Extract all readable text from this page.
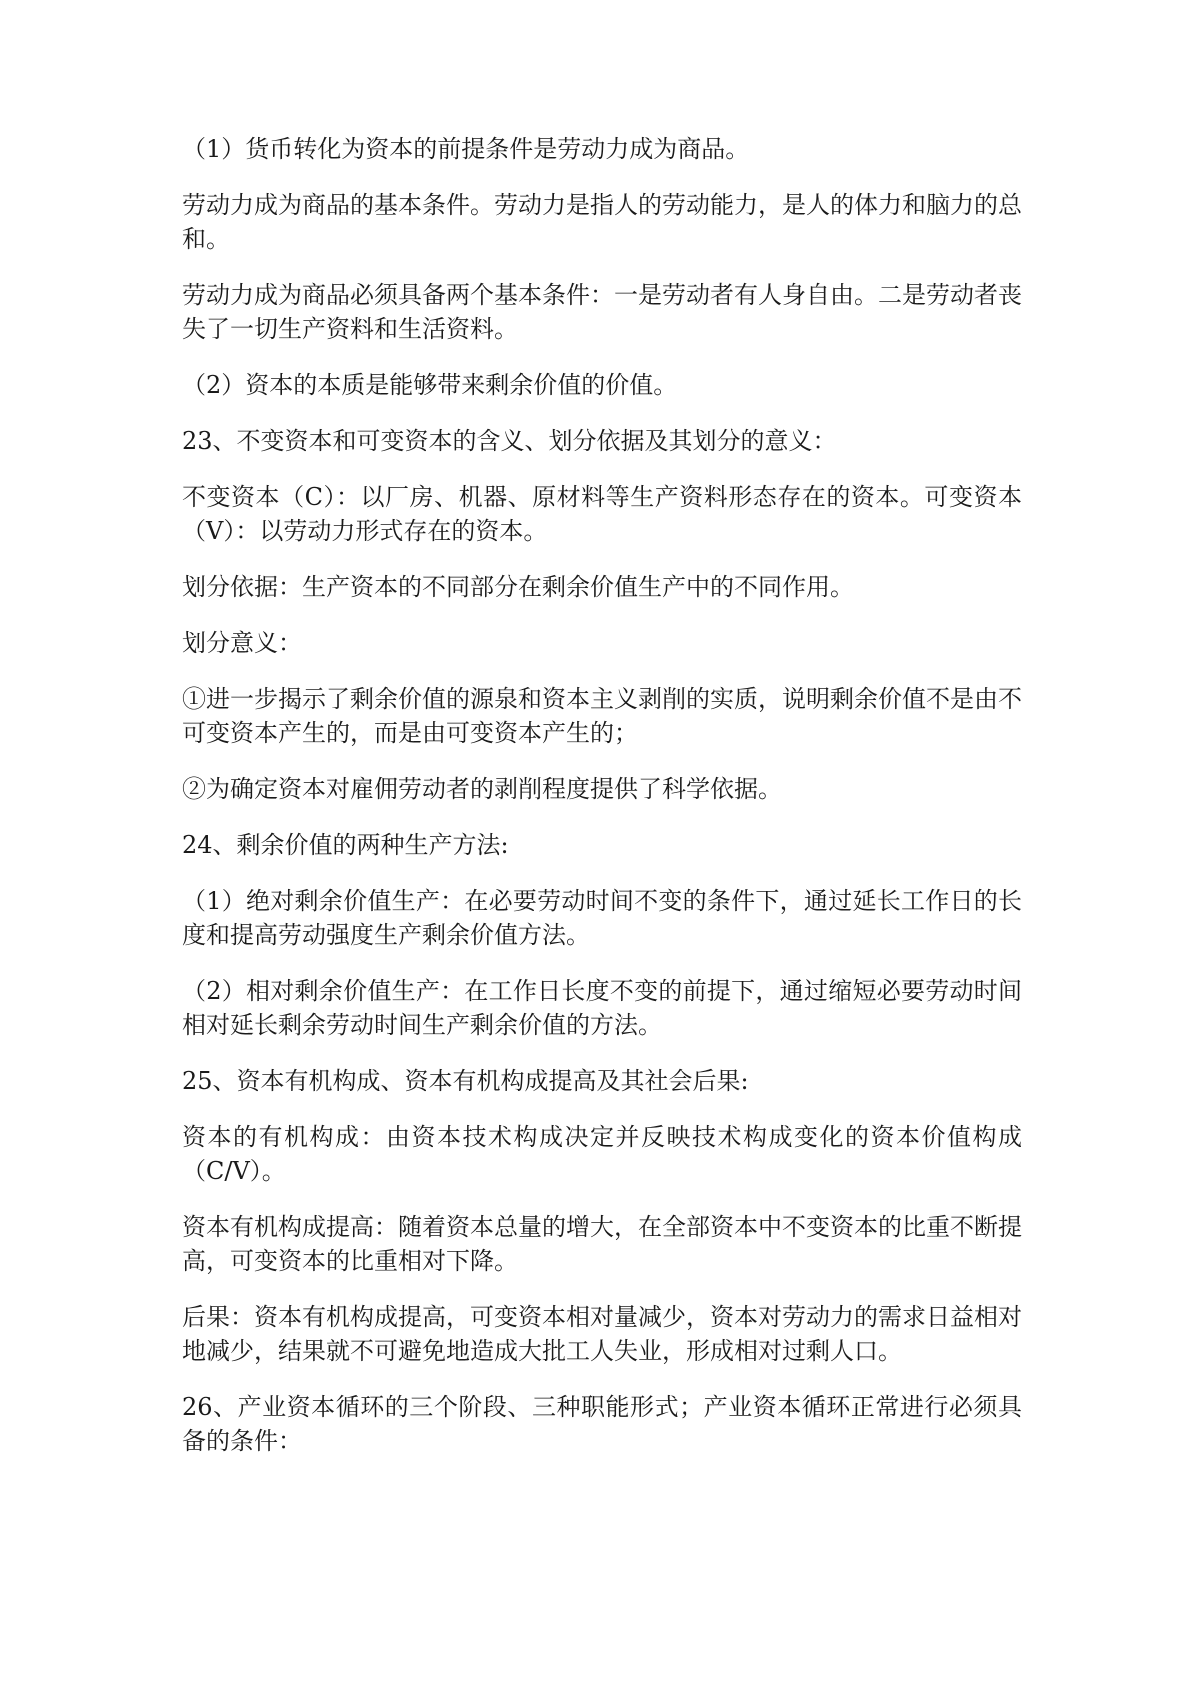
（1）货币转化为资本的前提条件是劳动力成为商品。

劳动力成为商品的基本条件。劳动力是指人的劳动能力，是人的体力和脑力的总和。

劳动力成为商品必须具备两个基本条件：一是劳动者有人身自由。二是劳动者丧失了一切生产资料和生活资料。

（2）资本的本质是能够带来剩余价值的价值。

23、不变资本和可变资本的含义、划分依据及其划分的意义：

不变资本（C）：以厂房、机器、原材料等生产资料形态存在的资本。可变资本（V）：以劳动力形式存在的资本。

划分依据：生产资本的不同部分在剩余价值生产中的不同作用。

划分意义：

①进一步揭示了剩余价值的源泉和资本主义剥削的实质，说明剩余价值不是由不可变资本产生的，而是由可变资本产生的；

②为确定资本对雇佣劳动者的剥削程度提供了科学依据。

24、剩余价值的两种生产方法:

（1）绝对剩余价值生产：在必要劳动时间不变的条件下，通过延长工作日的长度和提高劳动强度生产剩余价值方法。

（2）相对剩余价值生产：在工作日长度不变的前提下，通过缩短必要劳动时间相对延长剩余劳动时间生产剩余价值的方法。

25、资本有机构成、资本有机构成提高及其社会后果:

资本的有机构成：由资本技术构成决定并反映技术构成变化的资本价值构成（C/V）。

资本有机构成提高：随着资本总量的增大，在全部资本中不变资本的比重不断提高，可变资本的比重相对下降。

后果：资本有机构成提高，可变资本相对量减少，资本对劳动力的需求日益相对地减少，结果就不可避免地造成大批工人失业，形成相对过剩人口。

26、产业资本循环的三个阶段、三种职能形式；产业资本循环正常进行必须具备的条件：
